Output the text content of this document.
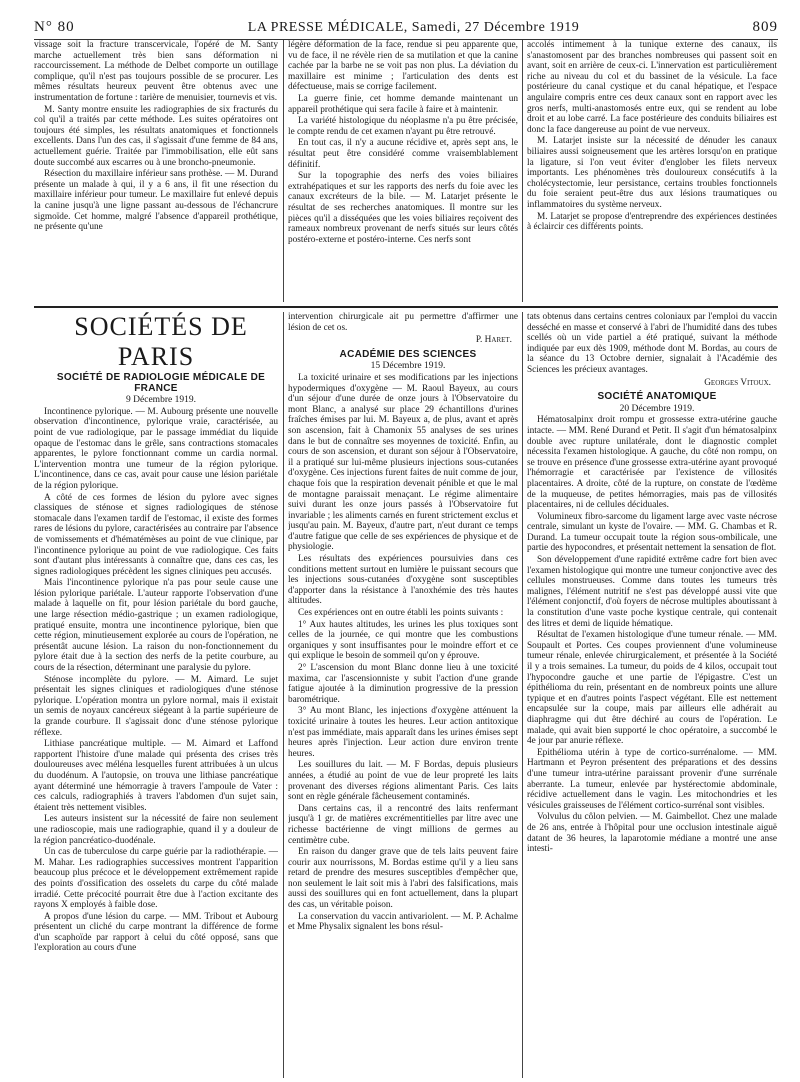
N° 80	LA PRESSE MÉDICALE, Samedi, 27 Décembre 1919	809

vissage soit la fracture transcervicale, l'opéré de M. Santy marche actuellement très bien sans déformation ni raccourcissement. La méthode de Delbet comporte un outillage complique, qu'il n'est pas toujours possible de se procurer. Les mêmes résultats heureux peuvent être obtenus avec une instrumentation de fortune : tarière de menuisier, tournevis et vis.

M. Santy montre ensuite les radiographies de six fracturés du col qu'il a traités par cette méthode. Les suites opératoires ont toujours été simples, les résultats anatomiques et fonctionnels excellents. Dans l'un des cas, il s'agissait d'une femme de 84 ans, actuellement guérie. Traitée par l'immobilisation, elle eût sans doute succombé aux escarres ou à une broncho-pneumonie.

Résection du maxillaire inférieur sans prothèse. — M. Durand présente un malade à qui, il y a 6 ans, il fit une résection du maxillaire inférieur pour tumeur. Le maxillaire fut enlevé depuis la canine jusqu'à une ligne passant au-dessous de l'échancrure sigmoïde. Cet homme, malgré l'absence d'appareil prothétique, ne présente qu'une

légère déformation de la face, rendue si peu apparente que, vu de face, il ne révèle rien de sa mutilation et que la canine cachée par la barbe ne se voit pas non plus. La déviation du maxillaire est minime ; l'articulation des dents est défectueuse, mais se corrige facilement.

La guerre finie, cet homme demande maintenant un appareil prothétique qui sera facile à faire et à maintenir.

La variété histologique du néoplasme n'a pu être précisée, le compte rendu de cet examen n'ayant pu être retrouvé.

En tout cas, il n'y a aucune récidive et, après sept ans, le résultat peut être considéré comme vraisemblablement définitif.

Sur la topographie des nerfs des voies biliaires extrahépatiques et sur les rapports des nerfs du foie avec les canaux excréteurs de la bile. — M. Latarjet présente le résultat de ses recherches anatomiques. Il montre sur les pièces qu'il a disséquées que les voies biliaires reçoivent des rameaux nombreux provenant de nerfs situés sur leurs côtés postéro-externe et postéro-interne. Ces nerfs sont

accolés intimement à la tunique externe des canaux, ils s'anastomosent par des branches nombreuses qui passent soit en avant, soit en arrière de ceux-ci. L'innervation est particulièrement riche au niveau du col et du bassinet de la vésicule. La face postérieure du canal cystique et du canal hépatique, et l'espace angulaire compris entre ces deux canaux sont en rapport avec les gros nerfs, multi-anastomosés entre eux, qui se rendent au lobe droit et au lobe carré. La face postérieure des conduits biliaires est donc la face dangereuse au point de vue nerveux.

M. Latarjet insiste sur la nécessité de dénuder les canaux biliaires aussi soigneusement que les artères lorsqu'on en pratique la ligature, si l'on veut éviter d'englober les filets nerveux importants. Les phénomènes très douloureux consécutifs à la cholécystectomie, leur persistance, certains troubles fonctionnels du foie seraient peut-être dus aux lésions traumatiques ou inflammatoires du système nerveux.

M. Latarjet se propose d'entreprendre des expériences destinées à éclaircir ces différents points.

SOCIÉTÉS DE PARIS

SOCIÉTÉ DE RADIOLOGIE MÉDICALE DE FRANCE

9 Décembre 1919.

Incontinence pylorique. — M. Aubourg présente une nouvelle observation d'incontinence, pylorique vraie, caractérisée, au point de vue radiologique, par le passage immédiat du liquide opaque de l'estomac dans le grêle, sans contractions stomacales apparentes, le pylore fonctionnant comme un cardia normal. L'intervention montra une tumeur de la région pylorique. L'incontinence, dans ce cas, avait pour cause une lésion pariétale de la région pylorique.

A côté de ces formes de lésion du pylore avec signes classiques de sténose et signes radiologiques de sténose stomacale dans l'examen tardif de l'estomac, il existe des formes rares de lésions du pylore, caractérisées au contraire par l'absence de vomissements et d'hématémèses au point de vue clinique, par l'incontinence pylorique au point de vue radiologique. Ces faits sont d'autant plus intéressants à connaître que, dans ces cas, les signes radiologiques précèdent les signes cliniques peu accusés.

Mais l'incontinence pylorique n'a pas pour seule cause une lésion pylorique pariétale. L'auteur rapporte l'observation d'une malade à laquelle on fit, pour lésion pariétale du bord gauche, une large résection médio-gastrique ; un examen radiologique, pratiqué ensuite, montra une incontinence pylorique, bien que cette région, minutieusement explorée au cours de l'opération, ne présentât aucune lésion. La raison du non-fonctionnement du pylore était due à la section des nerfs de la petite courbure, au cours de la résection, déterminant une paralysie du pylore.

Sténose incomplète du pylore. — M. Aimard. Le sujet présentait les signes cliniques et radiologiques d'une sténose pylorique. L'opération montra un pylore normal, mais il existait un semis de noyaux cancéreux siégeant à la partie supérieure de la grande courbure. Il s'agissait donc d'une sténose pylorique réflexe.

Lithiase pancréatique multiple. — M. Aimard et Laffond rapportent l'histoire d'une malade qui présenta des crises très douloureuses avec méléna lesquelles furent attribuées à un ulcus du duodénum. A l'autopsie, on trouva une lithiase pancréatique ayant déterminé une hémorragie à travers l'ampoule de Vater : ces calculs, radiographiés à travers l'abdomen d'un sujet sain, étaient très nettement visibles.

Les auteurs insistent sur la nécessité de faire non seulement une radioscopie, mais une radiographie, quand il y a douleur de la région pancréatico-duodénale.

Un cas de tuberculose du carpe guérie par la radiothérapie. — M. Mahar. Les radiographies successives montrent l'apparition beaucoup plus précoce et le développement extrêmement rapide des points d'ossification des osselets du carpe du côté malade irradié. Cette précocité pourrait être due à l'action excitante des rayons X employés à faible dose.

A propos d'une lésion du carpe. — MM. Tribout et Aubourg présentent un cliché du carpe montrant la différence de forme d'un scaphoïde par rapport à celui du côté opposé, sans que l'exploration au cours d'une

intervention chirurgicale ait pu permettre d'affirmer une lésion de cet os.

P. Haret.

ACADÉMIE DES SCIENCES

15 Décembre 1919.

La toxicité urinaire et ses modifications par les injections hypodermiques d'oxygène — M. Raoul Bayeux, au cours d'un séjour d'une durée de onze jours à l'Observatoire du mont Blanc, a analysé sur place 29 échantillons d'urines fraîches émises par lui. M. Bayeux a, de plus, avant et après son ascension, fait à Chamonix 55 analyses de ses urines dans le but de connaître ses moyennes de toxicité. Enfin, au cours de son ascension, et durant son séjour à l'Observatoire, il a pratiqué sur lui-même plusieurs injections sous-cutanées d'oxygène. Ces injections furent faites de nuit comme de jour, chaque fois que la respiration devenait pénible et que le mal de montagne paraissait menaçant. Le régime alimentaire suivi durant les onze jours passés à l'Observatoire fut invariable ; les aliments carnés en furent strictement exclus et jusqu'au pain. M. Bayeux, d'autre part, n'eut durant ce temps d'autre fatigue que celle de ses expériences de physique et de physiologie.

Les résultats des expériences poursuivies dans ces conditions mettent surtout en lumière le puissant secours que les injections sous-cutanées d'oxygène sont susceptibles d'apporter dans la résistance à l'anoxhémie des très hautes altitudes.

Ces expériences ont en outre établi les points suivants :

1° Aux hautes altitudes, les urines les plus toxiques sont celles de la journée, ce qui montre que les combustions organiques y sont insuffisantes pour le moindre effort et ce qui explique le besoin de sommeil qu'on y éprouve.

2° L'ascension du mont Blanc donne lieu à une toxicité maxima, car l'ascensionniste y subit l'action d'une grande fatigue ajoutée à la diminution progressive de la pression barométrique.

3° Au mont Blanc, les injections d'oxygène atténuent la toxicité urinaire à toutes les heures. Leur action antitoxique n'est pas immédiate, mais apparaît dans les urines émises sept heures après l'injection. Leur action dure environ trente heures.

Les souillures du lait. — M. F Bordas, depuis plusieurs années, a étudié au point de vue de leur propreté les laits provenant des diverses régions alimentant Paris. Ces laits sont en règle générale fâcheusement contaminés.

Dans certains cas, il a rencontré des laits renfermant jusqu'à 1 gr. de matières excrémentitielles par litre avec une richesse bactérienne de vingt millions de germes au centimètre cube.

En raison du danger grave que de tels laits peuvent faire courir aux nourrissons, M. Bordas estime qu'il y a lieu sans retard de prendre des mesures susceptibles d'empêcher que, non seulement le lait soit mis à l'abri des falsifications, mais aussi des souillures qui en font actuellement, dans la plupart des cas, un véritable poison.

La conservation du vaccin antivariolent. — M. P. Achalme et Mme Physalix signalent les bons résul-

tats obtenus dans certains centres coloniaux par l'emploi du vaccin desséché en masse et conservé à l'abri de l'humidité dans des tubes scellés où un vide partiel a été pratiqué, suivant la méthode indiquée par eux dès 1909, méthode dont M. Bordas, au cours de la séance du 13 Octobre dernier, signalait à l'Académie des Sciences les précieux avantages.

Georges Vitoux.

SOCIÉTÉ ANATOMIQUE

20 Décembre 1919.

Hématosalpinx droit rompu et grossesse extra-utérine gauche intacte. — MM. René Durand et Petit. Il s'agit d'un hématosalpinx double avec rupture unilatérale, dont le diagnostic complet nécessita l'examen histologique. A gauche, du côté non rompu, on se trouve en présence d'une grossesse extra-utérine ayant provoqué l'hémorragie et caractérisée par l'existence de villosités placentaires. A droite, côté de la rupture, on constate de l'œdème de la muqueuse, de petites hémorragies, mais pas de villosités placentaires, ni de cellules déciduales.

Volumineux fibro-sarcome du ligament large avec vaste nécrose centrale, simulant un kyste de l'ovaire. — MM. G. Chambas et R. Durand. La tumeur occupait toute la région sous-ombilicale, une partie des hypocondres, et présentait nettement la sensation de flot.

Son développement d'une rapidité extrême cadre fort bien avec l'examen histologique qui montre une tumeur conjonctive avec des cellules monstrueuses. Comme dans toutes les tumeurs très malignes, l'élément nutritif ne s'est pas développé aussi vite que l'élément conjonctif, d'où foyers de nécrose multiples aboutissant à la constitution d'une vaste poche kystique centrale, qui contenait des litres et demi de liquide hématique.

Résultat de l'examen histologique d'une tumeur rénale. — MM. Soupault et Portes. Ces coupes proviennent d'une volumineuse tumeur rénale, enlevée chirurgicalement, et présentée à la Société il y a trois semaines. La tumeur, du poids de 4 kilos, occupait tout l'hypocondre gauche et une partie de l'épigastre. C'est un épithélioma du rein, présentant en de nombreux points une allure typique et en d'autres points l'aspect végétant. Elle est nettement encapsulée sur la coupe, mais par ailleurs elle adhérait au diaphragme qui dut être déchiré au cours de l'opération. Le malade, qui avait bien supporté le choc opératoire, a succombé le 4e jour par anurie réflexe.

Epithélioma utérin à type de cortico-surrénalome. — MM. Hartmann et Peyron présentent des préparations et des dessins d'une tumeur intra-utérine paraissant provenir d'une surrénale aberrante. La tumeur, enlevée par hystérectomie abdominale, récidive actuellement dans le vagin. Les mitochondries et les vésicules graisseuses de l'élément cortico-surrénal sont visibles.

Volvulus du côlon pelvien. — M. Gaimbellot. Chez une malade de 26 ans, entrée à l'hôpital pour une occlusion intestinale aiguë datant de 36 heures, la laparotomie médiane a montré une anse intesti-
